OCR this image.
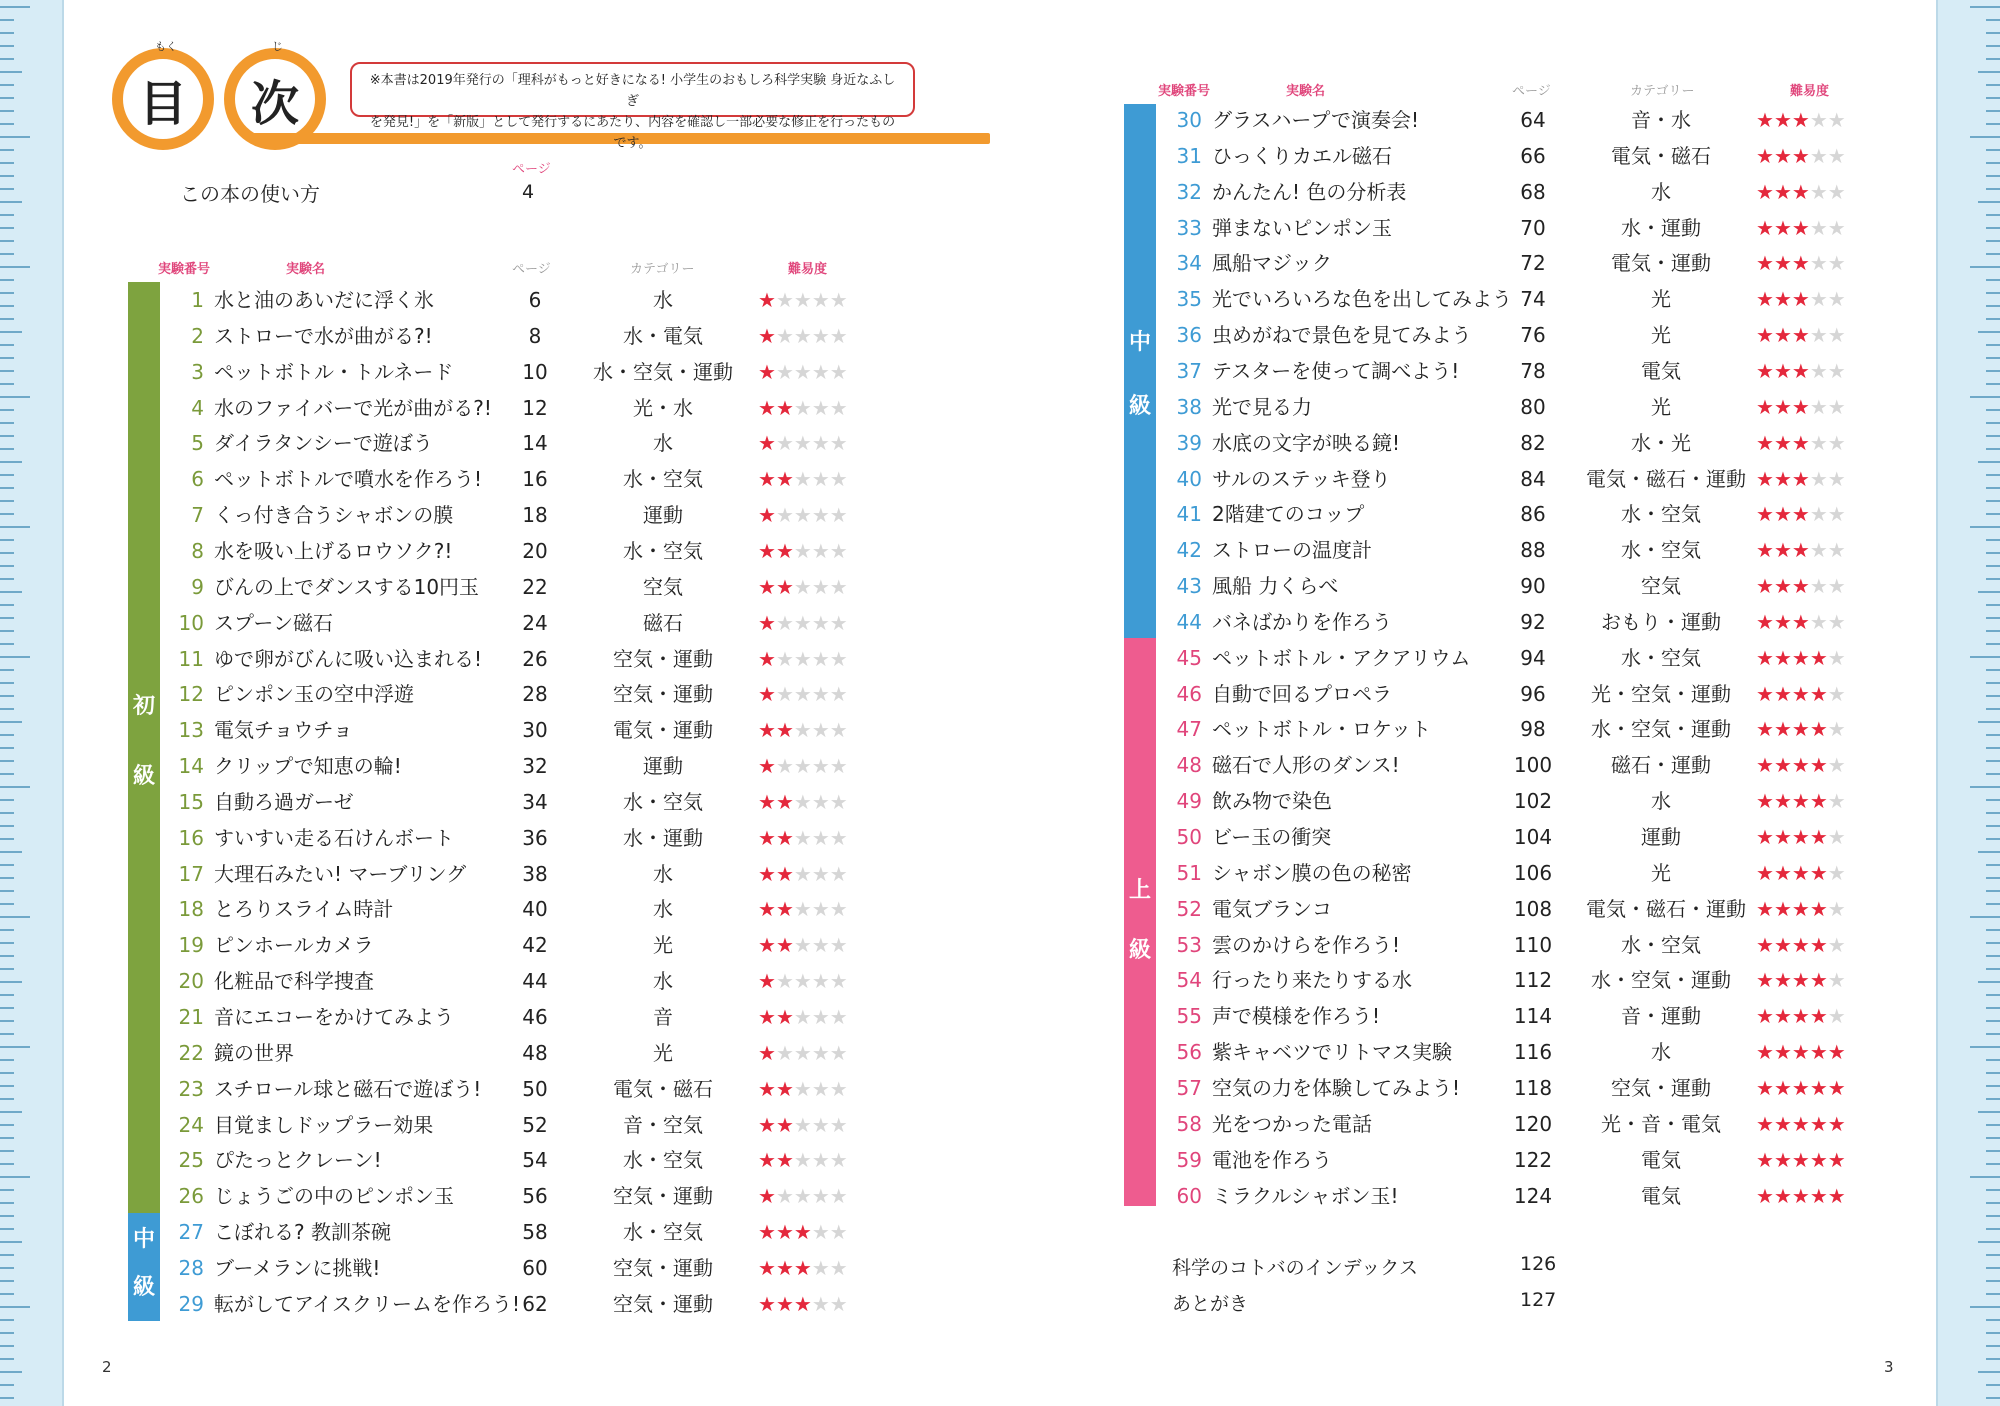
目
もく
次
じ
※本書は2019年発行の「理科がもっと好きになる! 小学生のおもしろ科学実験 身近なふしぎ
を発見!」を「新版」として発行するにあたり、内容を確認し一部必要な修正を行ったものです。
ページ
この本の使い方	4
実験番号	実験名	ページ	カテゴリー	難易度
実験番号	実験名	ページ	カテゴリー	難易度
初
級
中
級
中
級
上
級
1 水と油のあいだに浮く氷	6	水	★★★★★
2 ストローで水が曲がる?!	8	水・電気	★★★★★
3 ペットボトル・トルネード	10	水・空気・運動 ★★★★★
4 水のファイバーで光が曲がる?!	12	光・水	★★★★★
5 ダイラタンシーで遊ぼう	14	水	★★★★★
6 ペットボトルで噴水を作ろう!	16	水・空気	★★★★★
7 くっ付き合うシャボンの膜	18	運動	★★★★★
8 水を吸い上げるロウソク?!	20	水・空気	★★★★★
9 びんの上でダンスする10円玉	22	空気	★★★★★
10 スプーン磁石	24	磁石	★★★★★
11 ゆで卵がびんに吸い込まれる!	26	空気・運動	★★★★★
12 ピンポン玉の空中浮遊	28	空気・運動	★★★★★
13 電気チョウチョ	30	電気・運動	★★★★★
14 クリップで知恵の輪!	32	運動	★★★★★
15 自動ろ過ガーゼ	34	水・空気	★★★★★
16 すいすい走る石けんボート	36	水・運動	★★★★★
17 大理石みたい! マーブリング	38	水	★★★★★
18 とろりスライム時計	40	水	★★★★★
19 ピンホールカメラ	42	光	★★★★★
20 化粧品で科学捜査	44	水	★★★★★
21 音にエコーをかけてみよう	46	音	★★★★★
22 鏡の世界	48	光	★★★★★
23 スチロール球と磁石で遊ぼう!	50	電気・磁石	★★★★★
24 目覚ましドップラー効果	52	音・空気	★★★★★
25 ぴたっとクレーン!	54	水・空気	★★★★★
26 じょうごの中のピンポン玉	56	空気・運動	★★★★★
27 こぼれる? 教訓茶碗	58	水・空気	★★★★★
28 ブーメランに挑戦!	60	空気・運動	★★★★★
29 転がしてアイスクリームを作ろう! 62	空気・運動	★★★★★
30 グラスハープで演奏会!	64	音・水	★★★★★
31 ひっくりカエル磁石	66	電気・磁石	★★★★★
32 かんたん! 色の分析表	68	水	★★★★★
33 弾まないピンポン玉	70	水・運動	★★★★★
34 風船マジック	72	電気・運動	★★★★★
35 光でいろいろな色を出してみよう 74	光	★★★★★
36 虫めがねで景色を見てみよう	76	光	★★★★★
37 テスターを使って調べよう!	78	電気	★★★★★
38 光で見る力	80	光	★★★★★
39 水底の文字が映る鏡!	82	水・光	★★★★★
40 サルのステッキ登り	84	電気・磁石・運動 ★★★★★
41 2階建てのコップ	86	水・空気	★★★★★
42 ストローの温度計	88	水・空気	★★★★★
43 風船 力くらべ	90	空気	★★★★★
44 バネばかりを作ろう	92	おもり・運動	★★★★★
45 ペットボトル・アクアリウム	94	水・空気	★★★★★
46 自動で回るプロペラ	96	光・空気・運動 ★★★★★
47 ペットボトル・ロケット	98	水・空気・運動 ★★★★★
48 磁石で人形のダンス!	100	磁石・運動	★★★★★
49 飲み物で染色	102	水	★★★★★
50 ビー玉の衝突	104	運動	★★★★★
51 シャボン膜の色の秘密	106	光	★★★★★
52 電気ブランコ	108 電気・磁石・運動 ★★★★★
53 雲のかけらを作ろう!	110	水・空気	★★★★★
54 行ったり来たりする水	112 水・空気・運動 ★★★★★
55 声で模様を作ろう!	114	音・運動	★★★★★
56 紫キャベツでリトマス実験	116	水	★★★★★
57 空気の力を体験してみよう!	118	空気・運動	★★★★★
58 光をつかった電話	120	光・音・電気	★★★★★
59 電池を作ろう	122	電気	★★★★★
60 ミラクルシャボン玉!	124	電気	★★★★★
科学のコトバのインデックス	126
あとがき	127
2	3
